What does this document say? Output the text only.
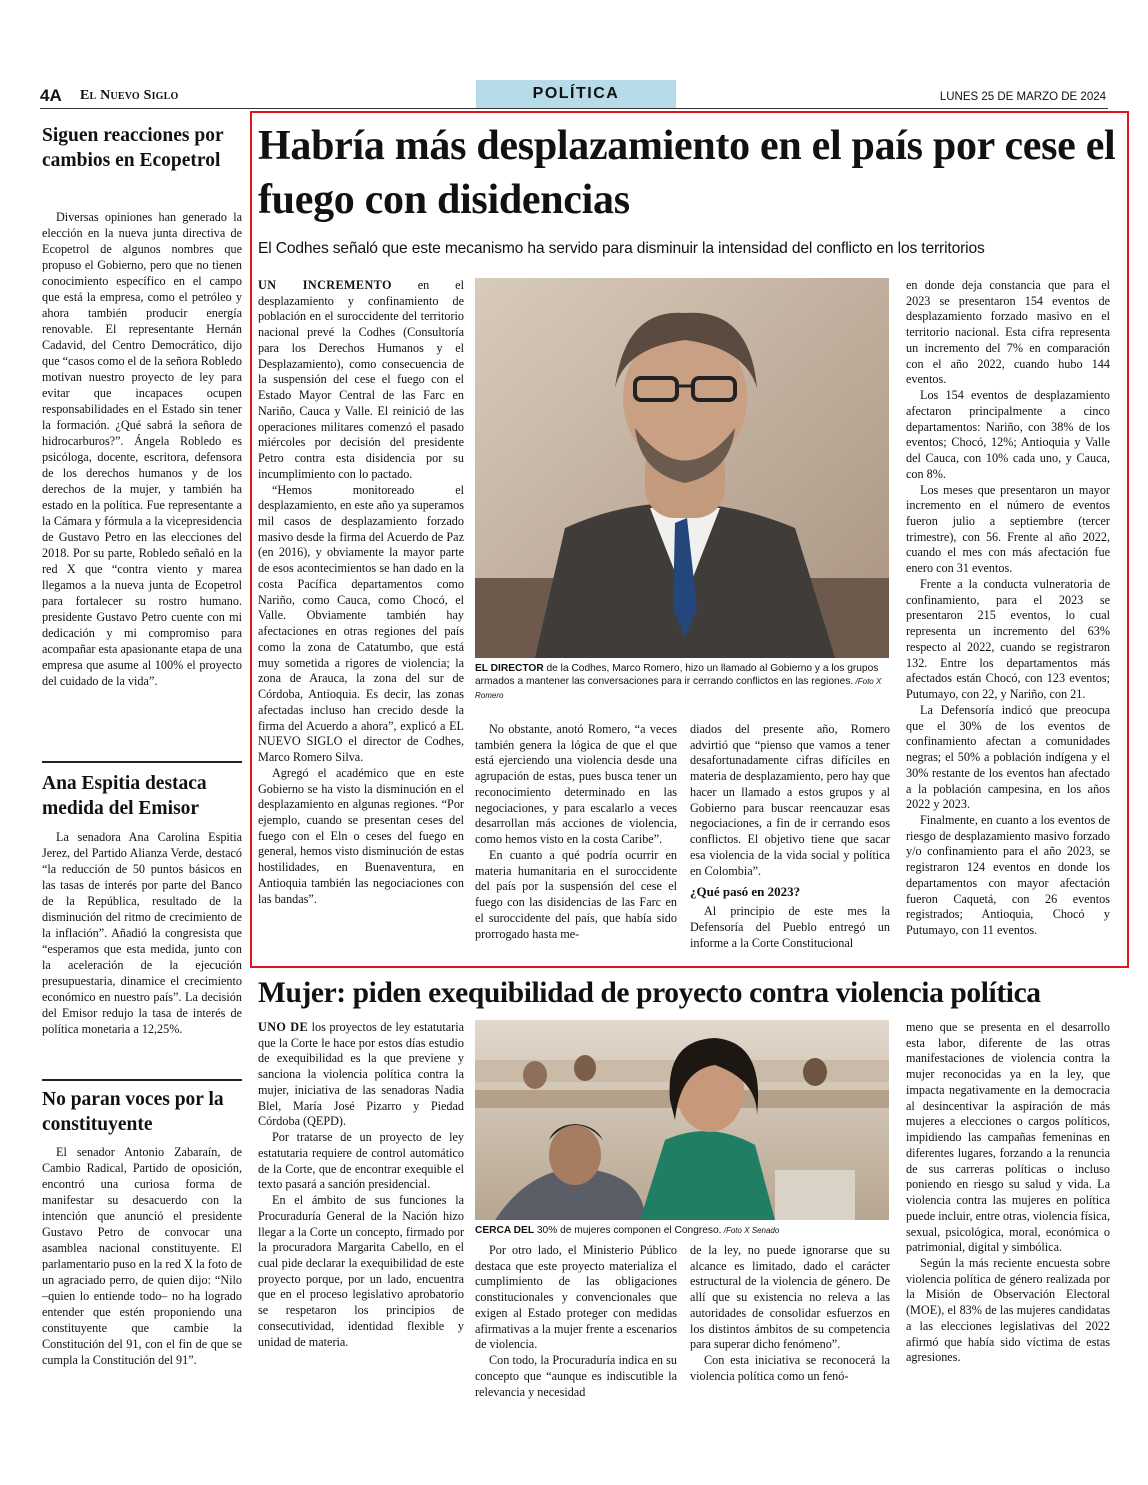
4A El Nuevo Siglo	POLÍTICA	LUNES 25 DE MARZO DE 2024
Siguen reacciones por cambios en Ecopetrol
Diversas opiniones han generado la elección en la nueva junta directiva de Ecopetrol de algunos nombres que propuso el Gobierno, pero que no tienen conocimiento específico en el campo que está la empresa, como el petróleo y ahora también producir energía renovable. El representante Hernán Cadavid, del Centro Democrático, dijo que “casos como el de la señora Robledo motivan nuestro proyecto de ley para evitar que incapaces ocupen responsabilidades en el Estado sin tener la formación. ¿Qué sabrá la señora de hidrocarburos?”. Ángela Robledo es psicóloga, docente, escritora, defensora de los derechos humanos y de los derechos de la mujer, y también ha estado en la política. Fue representante a la Cámara y fórmula a la vicepresidencia de Gustavo Petro en las elecciones del 2018. Por su parte, Robledo señaló en la red X que “contra viento y marea llegamos a la nueva junta de Ecopetrol para fortalecer su rostro humano. presidente Gustavo Petro cuente con mi dedicación y mi compromiso para acompañar esta apasionante etapa de una empresa que asume al 100% el proyecto del cuidado de la vida”.
Ana Espitia destaca medida del Emisor
La senadora Ana Carolina Espitia Jerez, del Partido Alianza Verde, destacó “la reducción de 50 puntos básicos en las tasas de interés por parte del Banco de la República, resultado de la disminución del ritmo de crecimiento de la inflación”. Añadió la congresista que “esperamos que esta medida, junto con la aceleración de la ejecución presupuestaria, dinamice el crecimiento económico en nuestro país”. La decisión del Emisor redujo la tasa de interés de política monetaria a 12,25%.
No paran voces por la constituyente
El senador Antonio Zabaraín, de Cambio Radical, Partido de oposición, encontró una curiosa forma de manifestar su desacuerdo con la intención que anunció el presidente Gustavo Petro de convocar una asamblea nacional constituyente. El parlamentario puso en la red X la foto de un agraciado perro, de quien dijo: “Nilo –quien lo entiende todo– no ha logrado entender que estén proponiendo una constituyente que cambie la Constitución del 91, con el fin de que se cumpla la Constitución del 91”.
Habría más desplazamiento en el país por cese el fuego con disidencias
El Codhes señaló que este mecanismo ha servido para disminuir la intensidad del conflicto en los territorios

UN INCREMENTO en el desplazamiento y confinamiento de población en el suroccidente del territorio nacional prevé la Codhes (Consultoría para los Derechos Humanos y el Desplazamiento), como consecuencia de la suspensión del cese el fuego con el Estado Mayor Central de las Farc en Nariño, Cauca y Valle. El reinició de las operaciones militares comenzó el pasado miércoles por decisión del presidente Petro contra esta disidencia por su incumplimiento con lo pactado.

“Hemos monitoreado el desplazamiento, en este año ya superamos mil casos de desplazamiento forzado masivo desde la firma del Acuerdo de Paz (en 2016), y obviamente la mayor parte de esos acontecimientos se han dado en la costa Pacífica departamentos como Nariño, como Cauca, como Chocó, el Valle. Obviamente también hay afectaciones en otras regiones del país como la zona de Catatumbo, que está muy sometida a rigores de violencia; la zona de Arauca, la zona del sur de Córdoba, Antioquia. Es decir, las zonas afectadas incluso han crecido desde la firma del Acuerdo a ahora”, explicó a EL NUEVO SIGLO el director de Codhes, Marco Romero Silva.

Agregó el académico que en este Gobierno se ha visto la disminución en el desplazamiento en algunas regiones. “Por ejemplo, cuando se presentan ceses del fuego con el Eln o ceses del fuego en general, hemos visto disminución de estas hostilidades, en Buenaventura, en Antioquia también las negociaciones con las bandas”.

EL DIRECTOR de la Codhes, Marco Romero, hizo un llamado al Gobierno y a los grupos armados a mantener las conversaciones para ir cerrando conflictos en las regiones. /Foto X Romero

No obstante, anotó Romero, “a veces también genera la lógica de que el que está ejerciendo una violencia desde una agrupación de estas, pues busca tener un reconocimiento determinado en las negociaciones, y para escalarlo a veces desarrollan más acciones de violencia, como hemos visto en la costa Caribe”.

En cuanto a qué podría ocurrir en materia humanitaria en el suroccidente del país por la suspensión del cese el fuego con las disidencias de las Farc en el suroccidente del país, que había sido prorrogado hasta me-

diados del presente año, Romero advirtió que “pienso que vamos a tener desafortunadamente cifras difíciles en materia de desplazamiento, pero hay que hacer un llamado a estos grupos y al Gobierno para buscar reencauzar esas negociaciones, a fin de ir cerrando esos conflictos. El objetivo tiene que sacar esa violencia de la vida social y política en Colombia”.

¿Qué pasó en 2023?

Al principio de este mes la Defensoría del Pueblo entregó un informe a la Corte Constitucional

en donde deja constancia que para el 2023 se presentaron 154 eventos de desplazamiento forzado masivo en el territorio nacional. Esta cifra representa un incremento del 7% en comparación con el año 2022, cuando hubo 144 eventos.

Los 154 eventos de desplazamiento afectaron principalmente a cinco departamentos: Nariño, con 38% de los eventos; Chocó, 12%; Antioquia y Valle del Cauca, con 10% cada uno, y Cauca, con 8%.

Los meses que presentaron un mayor incremento en el número de eventos fueron julio a septiembre (tercer trimestre), con 56. Frente al año 2022, cuando el mes con más afectación fue enero con 31 eventos.

Frente a la conducta vulneratoria de confinamiento, para el 2023 se presentaron 215 eventos, lo cual representa un incremento del 63% respecto al 2022, cuando se registraron 132. Entre los departamentos más afectados están Chocó, con 123 eventos; Putumayo, con 22, y Nariño, con 21.

La Defensoría indicó que preocupa que el 30% de los eventos de confinamiento afectan a comunidades negras; el 50% a población indígena y el 30% restante de los eventos han afectado a la población campesina, en los años 2022 y 2023.

Finalmente, en cuanto a los eventos de riesgo de desplazamiento masivo forzado y/o confinamiento para el año 2023, se registraron 124 eventos en donde los departamentos con mayor afectación fueron Caquetá, con 26 eventos registrados; Antioquia, Chocó y Putumayo, con 11 eventos.

Mujer: piden exequibilidad de proyecto contra violencia política

UNO DE los proyectos de ley estatutaria que la Corte le hace por estos días estudio de exequibilidad es la que previene y sanciona la violencia política contra la mujer, iniciativa de las senadoras Nadia Blel, María José Pizarro y Piedad Córdoba (QEPD).

Por tratarse de un proyecto de ley estatutaria requiere de control automático de la Corte, que de encontrar exequible el texto pasará a sanción presidencial.

En el ámbito de sus funciones la Procuraduría General de la Nación hizo llegar a la Corte un concepto, firmado por la procuradora Margarita Cabello, en el cual pide declarar la exequibilidad de este proyecto porque, por un lado, encuentra que en el proceso legislativo aprobatorio se respetaron los principios de consecutividad, identidad flexible y unidad de materia.

CERCA DEL 30% de mujeres componen el Congreso. /Foto X Senado

Por otro lado, el Ministerio Público destaca que este proyecto materializa el cumplimiento de las obligaciones constitucionales y convencionales que exigen al Estado proteger con medidas afirmativas a la mujer frente a escenarios de violencia.

Con todo, la Procuraduría indica en su concepto que “aunque es indiscutible la relevancia y necesidad

de la ley, no puede ignorarse que su alcance es limitado, dado el carácter estructural de la violencia de género. De allí que su existencia no releva a las autoridades de consolidar esfuerzos en los distintos ámbitos de su competencia para superar dicho fenómeno”.

Con esta iniciativa se reconocerá la violencia política como un fenó-

meno que se presenta en el desarrollo esta labor, diferente de las otras manifestaciones de violencia contra la mujer reconocidas ya en la ley, que impacta negativamente en la democracia al desincentivar la aspiración de más mujeres a elecciones o cargos políticos, impidiendo las campañas femeninas en diferentes lugares, forzando a la renuncia de sus carreras políticas o incluso poniendo en riesgo su salud y vida. La violencia contra las mujeres en política puede incluir, entre otras, violencia física, sexual, psicológica, moral, económica o patrimonial, digital y simbólica.

Según la más reciente encuesta sobre violencia política de género realizada por la Misión de Observación Electoral (MOE), el 83% de las mujeres candidatas a las elecciones legislativas del 2022 afirmó que había sido víctima de estas agresiones.
